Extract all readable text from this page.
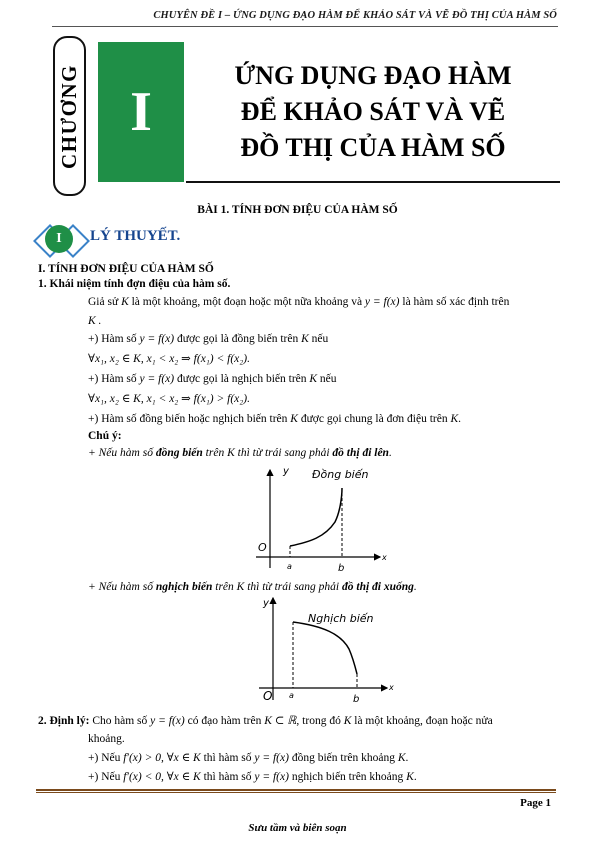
CHUYÊN ĐỀ I – ỨNG DỤNG ĐẠO HÀM ĐỂ KHẢO SÁT VÀ VẼ ĐỒ THỊ CỦA HÀM SỐ
CHƯƠNG I
ỨNG DỤNG ĐẠO HÀM
ĐỂ KHẢO SÁT VÀ VẼ
ĐỒ THỊ CỦA HÀM SỐ
BÀI 1. TÍNH ĐƠN ĐIỆU CỦA HÀM SỐ
I	LÝ THUYẾT.
I. TÍNH ĐƠN ĐIỆU CỦA HÀM SỐ
1. Khái niệm tính đợn điệu của hàm số.
Giả sử K là một khoảng, một đoạn hoặc một nữa khoảng và y = f(x) là hàm số xác định trên
K .
+) Hàm số y = f(x) được gọi là đồng biến trên K nếu
∀x₁, x₂ ∈ K, x₁ < x₂ ⇒ f(x₁) < f(x₂).
+) Hàm số y = f(x) được gọi là nghịch biến trên K nếu
∀x₁, x₂ ∈ K, x₁ < x₂ ⇒ f(x₁) > f(x₂).
+) Hàm số đồng biến hoặc nghịch biến trên K được gọi chung là đơn điệu trên K.
Chú ý:
+ Nếu hàm số đồng biến trên K thì từ trái sang phải đồ thị đi lên.
y Đồng biến
x
O
a	b
+ Nếu hàm số nghịch biến trên K thì từ trái sang phải đồ thị đi xuống.
y
Nghịch biến
x
O a	b
2. Định lý: Cho hàm số y = f(x) có đạo hàm trên K ⊂ ℝ, trong đó K là một khoảng, đoạn hoặc nửa
khoảng.
+) Nếu f′(x) > 0, ∀x ∈ K thì hàm số y = f(x) đồng biến trên khoảng K.
+) Nếu f′(x) < 0, ∀x ∈ K thì hàm số y = f(x) nghịch biến trên khoảng K.
Page 1
Sưu tầm và biên soạn
